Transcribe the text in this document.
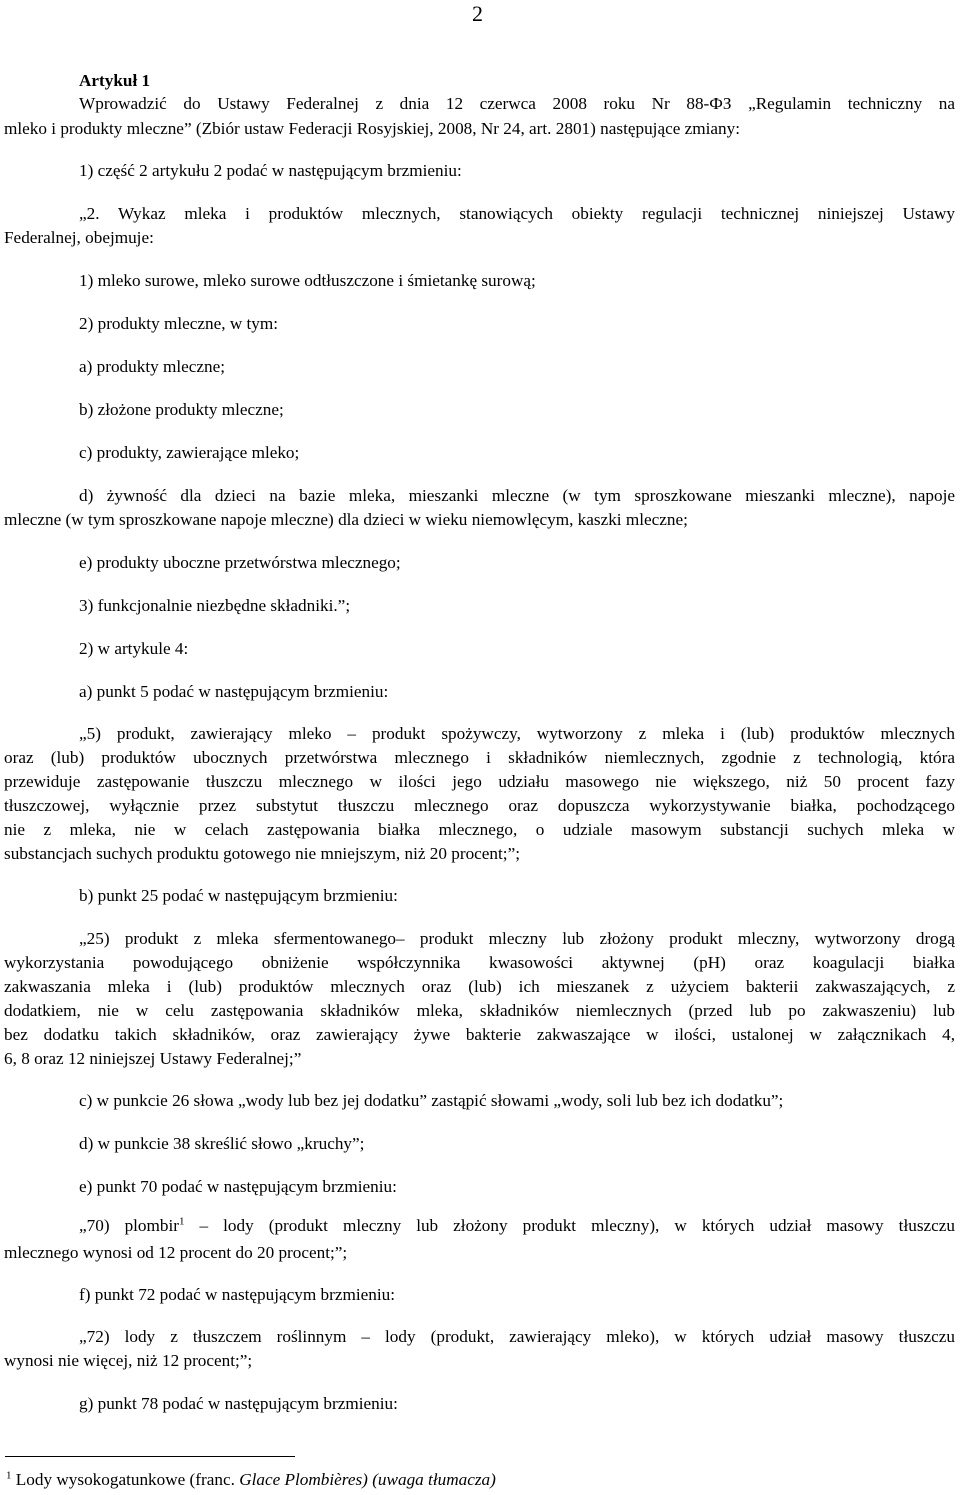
2
Artykuł 1
Wprowadzić do Ustawy Federalnej z dnia 12 czerwca 2008 roku Nr 88-ФЗ „Regulamin techniczny na
mleko i produkty mleczne” (Zbiór ustaw Federacji Rosyjskiej, 2008, Nr 24, art. 2801) następujące zmiany:
1) część 2 artykułu 2 podać w następującym brzmieniu:
„2. Wykaz mleka i produktów mlecznych, stanowiących obiekty regulacji technicznej niniejszej Ustawy
Federalnej, obejmuje:
1) mleko surowe, mleko surowe odtłuszczone i śmietankę surową;
2) produkty mleczne, w tym:
a) produkty mleczne;
b) złożone produkty mleczne;
c) produkty, zawierające mleko;
d) żywność dla dzieci na bazie mleka, mieszanki mleczne (w tym sproszkowane mieszanki mleczne), napoje
mleczne (w tym sproszkowane napoje mleczne) dla dzieci w wieku niemowlęcym, kaszki mleczne;
e) produkty uboczne przetwórstwa mlecznego;
3) funkcjonalnie niezbędne składniki.”;
2) w artykule 4:
a) punkt 5 podać w następującym brzmieniu:
„5) produkt, zawierający mleko – produkt spożywczy, wytworzony z mleka i (lub) produktów mlecznych
oraz (lub) produktów ubocznych przetwórstwa mlecznego i składników niemlecznych, zgodnie z technologią, która
przewiduje zastępowanie tłuszczu mlecznego w ilości jego udziału masowego nie większego, niż 50 procent fazy
tłuszczowej, wyłącznie przez substytut tłuszczu mlecznego oraz dopuszcza wykorzystywanie białka, pochodzącego
nie z mleka, nie w celach zastępowania białka mlecznego, o udziale masowym substancji suchych mleka w
substancjach suchych produktu gotowego nie mniejszym, niż 20 procent;”;
b) punkt 25 podać w następującym brzmieniu:
„25) produkt z mleka sfermentowanego– produkt mleczny lub złożony produkt mleczny, wytworzony drogą
wykorzystania powodującego obniżenie współczynnika kwasowości aktywnej (pH) oraz koagulacji białka
zakwaszania mleka i (lub) produktów mlecznych oraz (lub) ich mieszanek z użyciem bakterii zakwaszających, z
dodatkiem, nie w celu zastępowania składników mleka, składników niemlecznych (przed lub po zakwaszeniu) lub
bez dodatku takich składników, oraz zawierający żywe bakterie zakwaszające w ilości, ustalonej w załącznikach 4,
6, 8 oraz 12 niniejszej Ustawy Federalnej;”
c) w punkcie 26 słowa „wody lub bez jej dodatku” zastąpić słowami „wody, soli lub bez ich dodatku”;
d) w punkcie 38 skreślić słowo „kruchy”;
e) punkt 70 podać w następującym brzmieniu:
„70) plombir$^1$ – lody (produkt mleczny lub złożony produkt mleczny), w których udział masowy tłuszczu
mlecznego wynosi od 12 procent do 20 procent;”;
f) punkt 72 podać w następującym brzmieniu:
„72) lody z tłuszczem roślinnym – lody (produkt, zawierający mleko), w których udział masowy tłuszczu
wynosi nie więcej, niż 12 procent;”;
g) punkt 78 podać w następującym brzmieniu:
$^1$ Lody wysokogatunkowe (franc. Glace Plombières) (uwaga tłumacza)
